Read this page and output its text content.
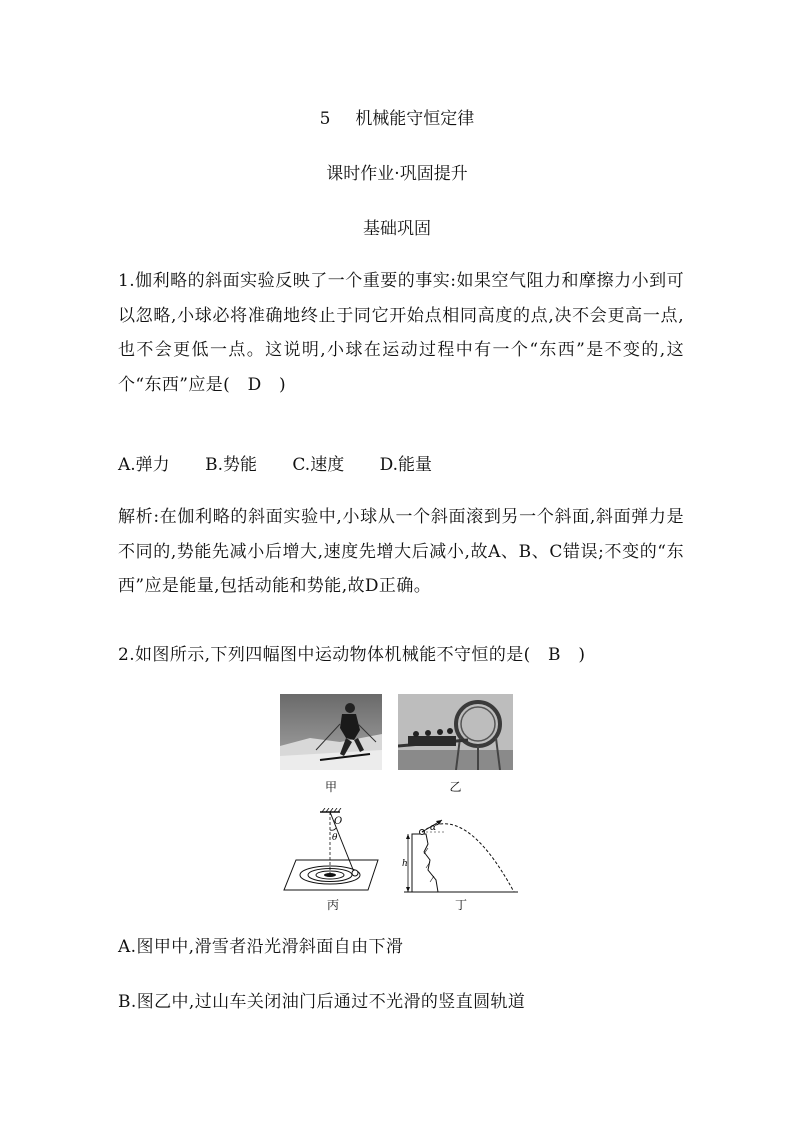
5 机械能守恒定律
课时作业·巩固提升
基础巩固
1.伽利略的斜面实验反映了一个重要的事实:如果空气阻力和摩擦力小到可以忽略,小球必将准确地终止于同它开始点相同高度的点,决不会更高一点,也不会更低一点。这说明,小球在运动过程中有一个“东西”是不变的,这个“东西”应是(　D　)
A.弹力 B.势能 C.速度 D.能量
解析:在伽利略的斜面实验中,小球从一个斜面滚到另一个斜面,斜面弹力是不同的,势能先减小后增大,速度先增大后减小,故A、B、C错误;不变的“东西”应是能量,包括动能和势能,故D正确。
2.如图所示,下列四幅图中运动物体机械能不守恒的是(　B　)
甲	乙
O
θ
丙
h
α
丁
A.图甲中,滑雪者沿光滑斜面自由下滑
B.图乙中,过山车关闭油门后通过不光滑的竖直圆轨道
